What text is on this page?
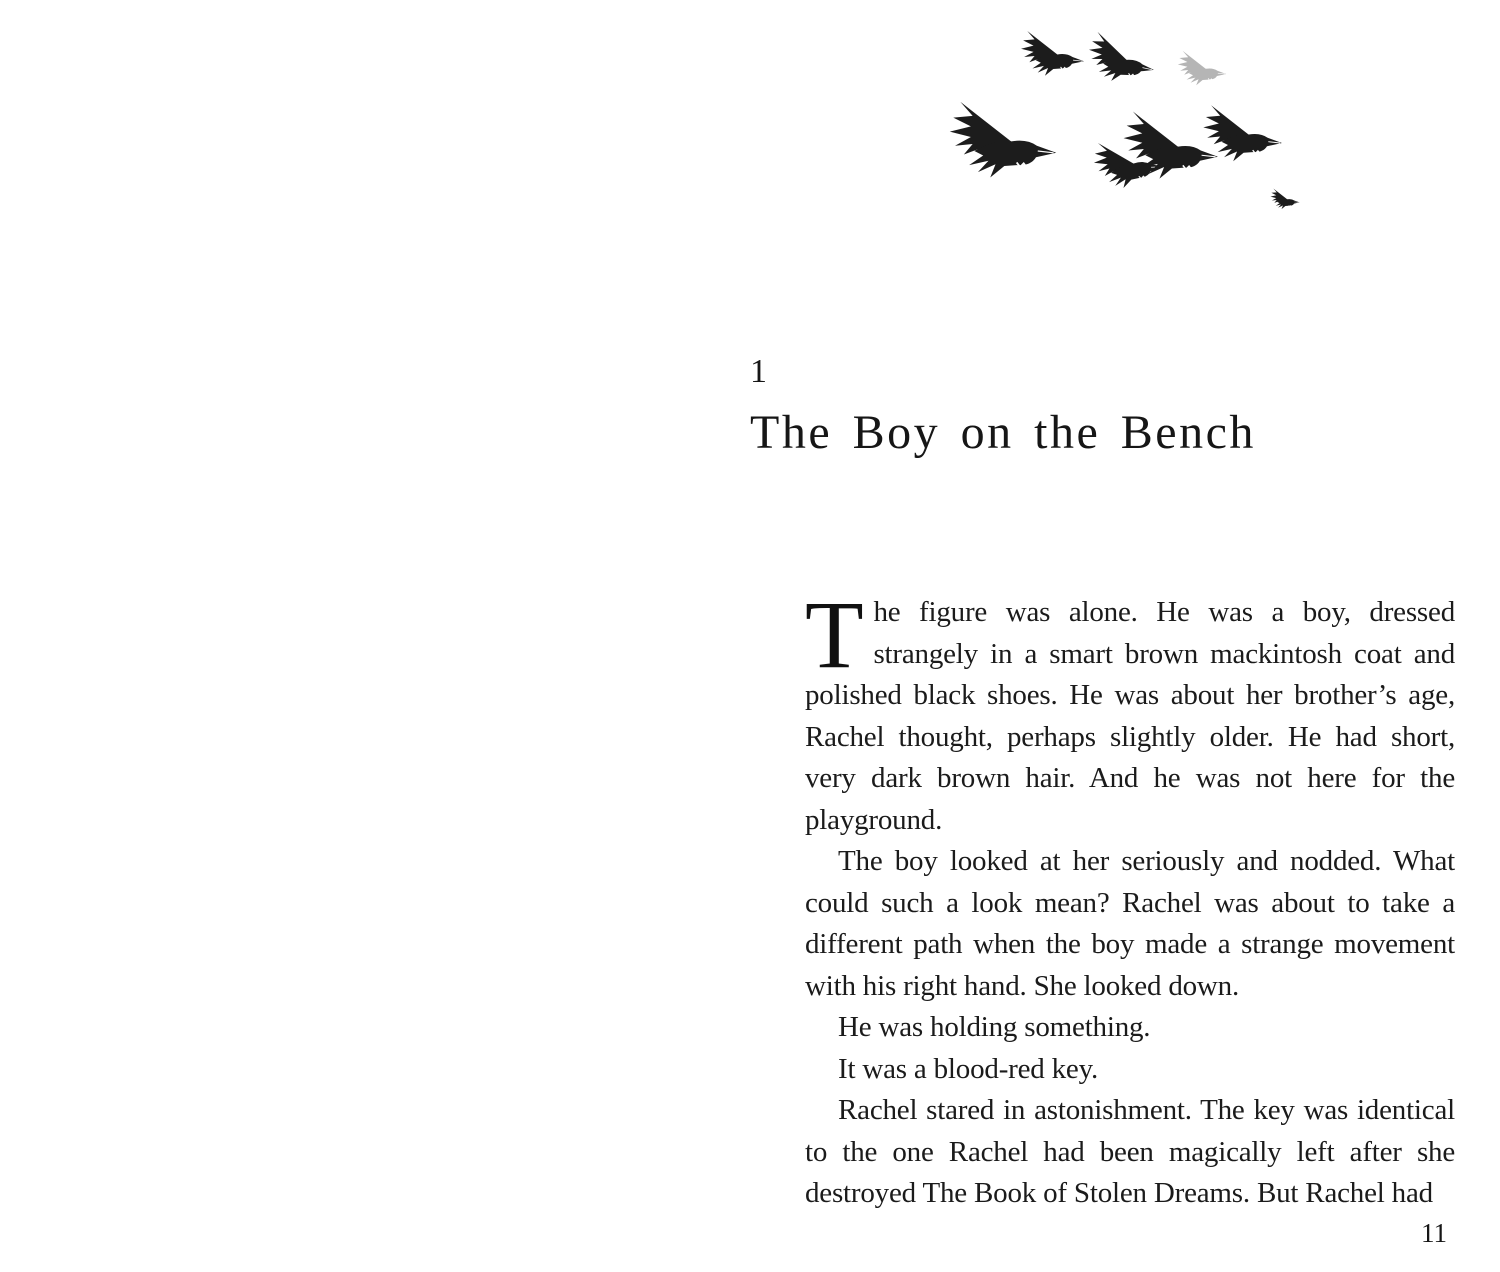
1
The Boy on the Bench

The figure was alone. He was a boy, dressed strangely in a smart brown mackintosh coat and polished black shoes. He was about her brother’s age, Rachel thought, perhaps slightly older. He had short, very dark brown hair. And he was not here for the playground.

The boy looked at her seriously and nodded. What could such a look mean? Rachel was about to take a different path when the boy made a strange movement with his right hand. She looked down.

He was holding something.

It was a blood-red key.

Rachel stared in astonishment. The key was identical to the one Rachel had been magically left after she destroyed The Book of Stolen Dreams. But Rachel had

11
